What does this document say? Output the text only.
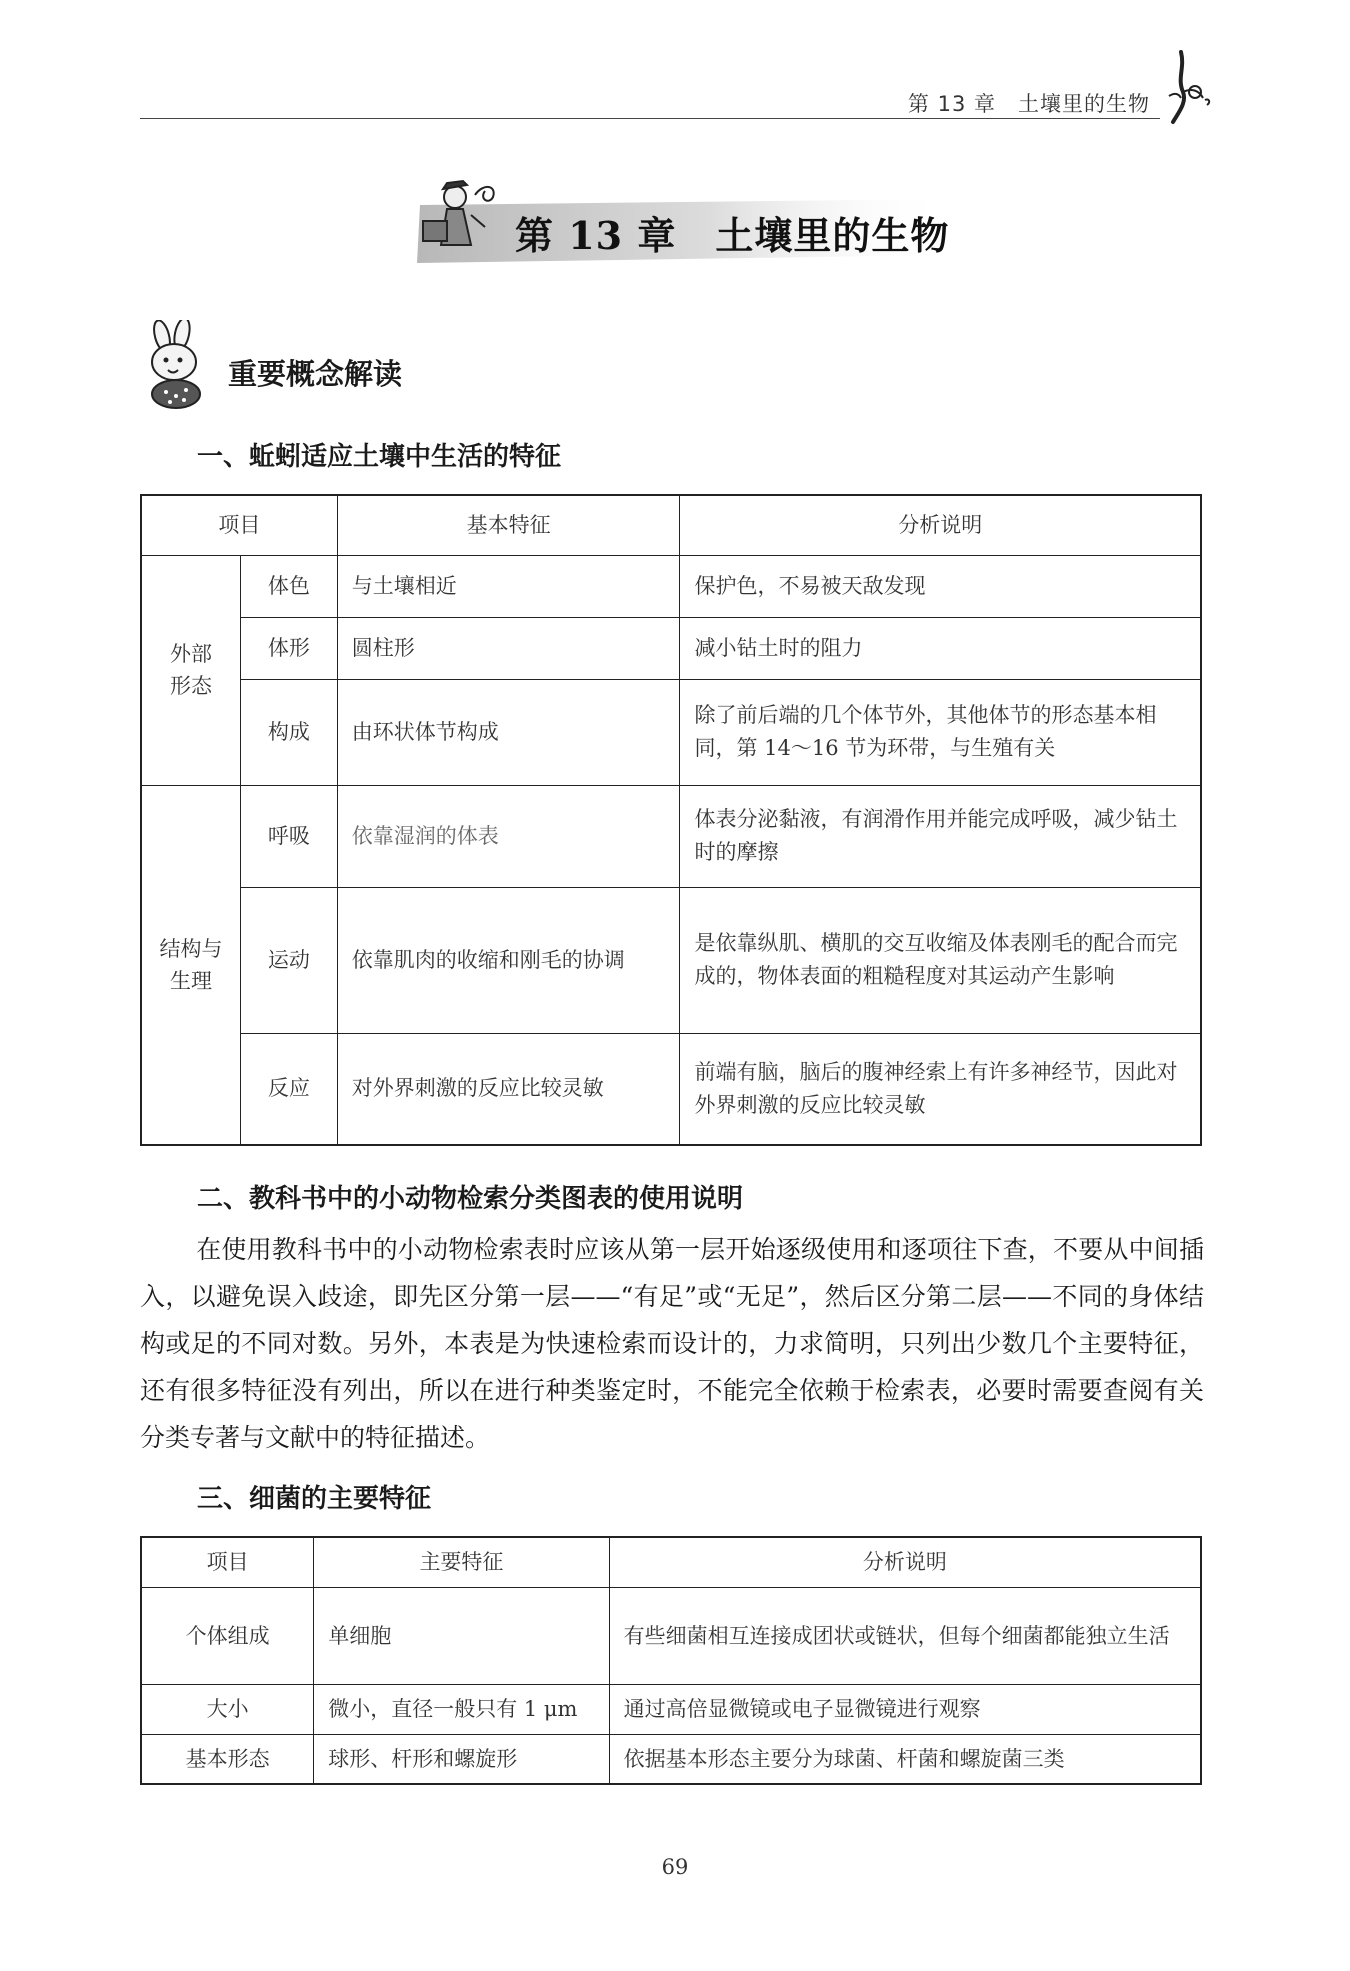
第 13 章　土壤里的生物
第 13 章　土壤里的生物
重要概念解读
一、蚯蚓适应土壤中生活的特征
项目		基本特征	分析说明
外部形态	体色	与土壤相近	保护色，不易被天敌发现
	体形	圆柱形	减小钻土时的阻力
	构成	由环状体节构成	除了前后端的几个体节外，其他体节的形态基本相同，第 14～16 节为环带，与生殖有关
结构与生理	呼吸	依靠湿润的体表	体表分泌黏液，有润滑作用并能完成呼吸，减少钻土时的摩擦
	运动	依靠肌肉的收缩和刚毛的协调	是依靠纵肌、横肌的交互收缩及体表刚毛的配合而完成的，物体表面的粗糙程度对其运动产生影响
	反应	对外界刺激的反应比较灵敏	前端有脑，脑后的腹神经索上有许多神经节，因此对外界刺激的反应比较灵敏
二、教科书中的小动物检索分类图表的使用说明
在使用教科书中的小动物检索表时应该从第一层开始逐级使用和逐项往下查，不要从中间插入，以避免误入歧途，即先区分第一层——“有足”或“无足”，然后区分第二层——不同的身体结构或足的不同对数。另外，本表是为快速检索而设计的，力求简明，只列出少数几个主要特征，还有很多特征没有列出，所以在进行种类鉴定时，不能完全依赖于检索表，必要时需要查阅有关分类专著与文献中的特征描述。
三、细菌的主要特征
项目	主要特征	分析说明
个体组成	单细胞	有些细菌相互连接成团状或链状，但每个细菌都能独立生活
大小	微小，直径一般只有 1 μm	通过高倍显微镜或电子显微镜进行观察
基本形态	球形、杆形和螺旋形	依据基本形态主要分为球菌、杆菌和螺旋菌三类
69
